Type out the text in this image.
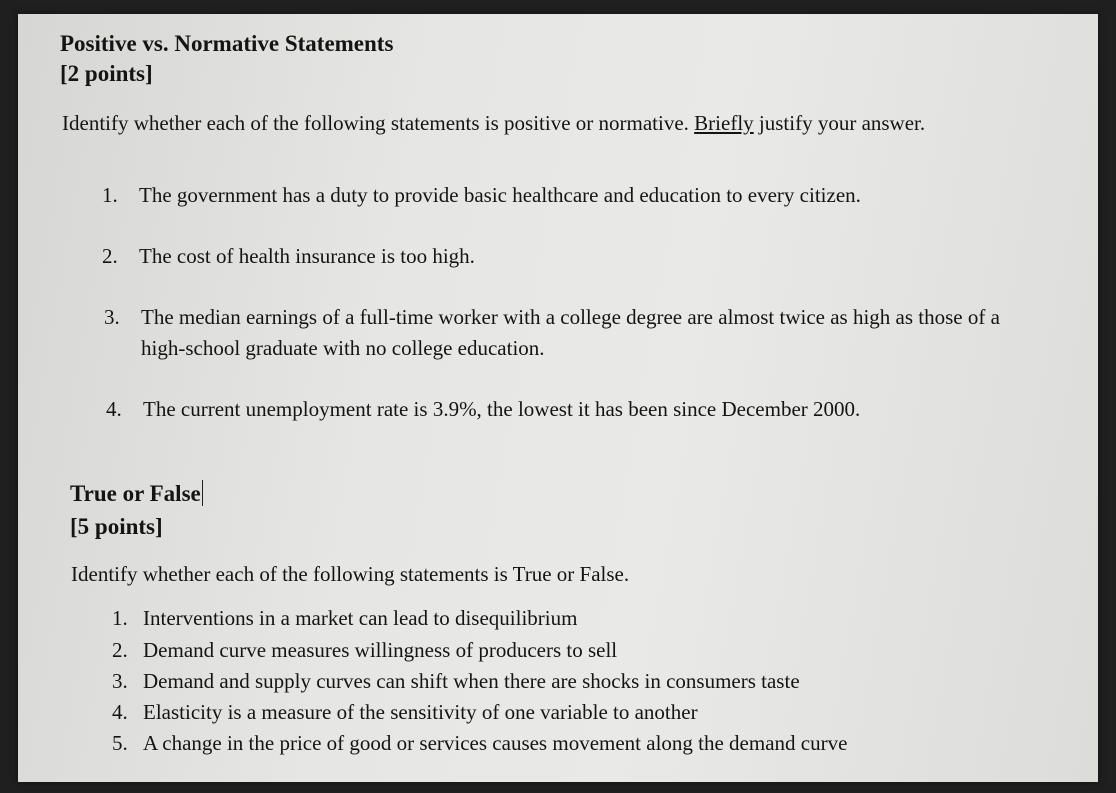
Positive vs. Normative Statements
[2 points]
Identify whether each of the following statements is positive or normative. Briefly justify your answer.
1.	The government has a duty to provide basic healthcare and education to every citizen.
2.	The cost of health insurance is too high.
3.	The median earnings of a full-time worker with a college degree are almost twice as high as those of a high-school graduate with no college education.
4.	The current unemployment rate is 3.9%, the lowest it has been since December 2000.
True or False
[5 points]
Identify whether each of the following statements is True or False.
1. Interventions in a market can lead to disequilibrium
2. Demand curve measures willingness of producers to sell
3. Demand and supply curves can shift when there are shocks in consumers taste
4. Elasticity is a measure of the sensitivity of one variable to another
5. A change in the price of good or services causes movement along the demand curve
